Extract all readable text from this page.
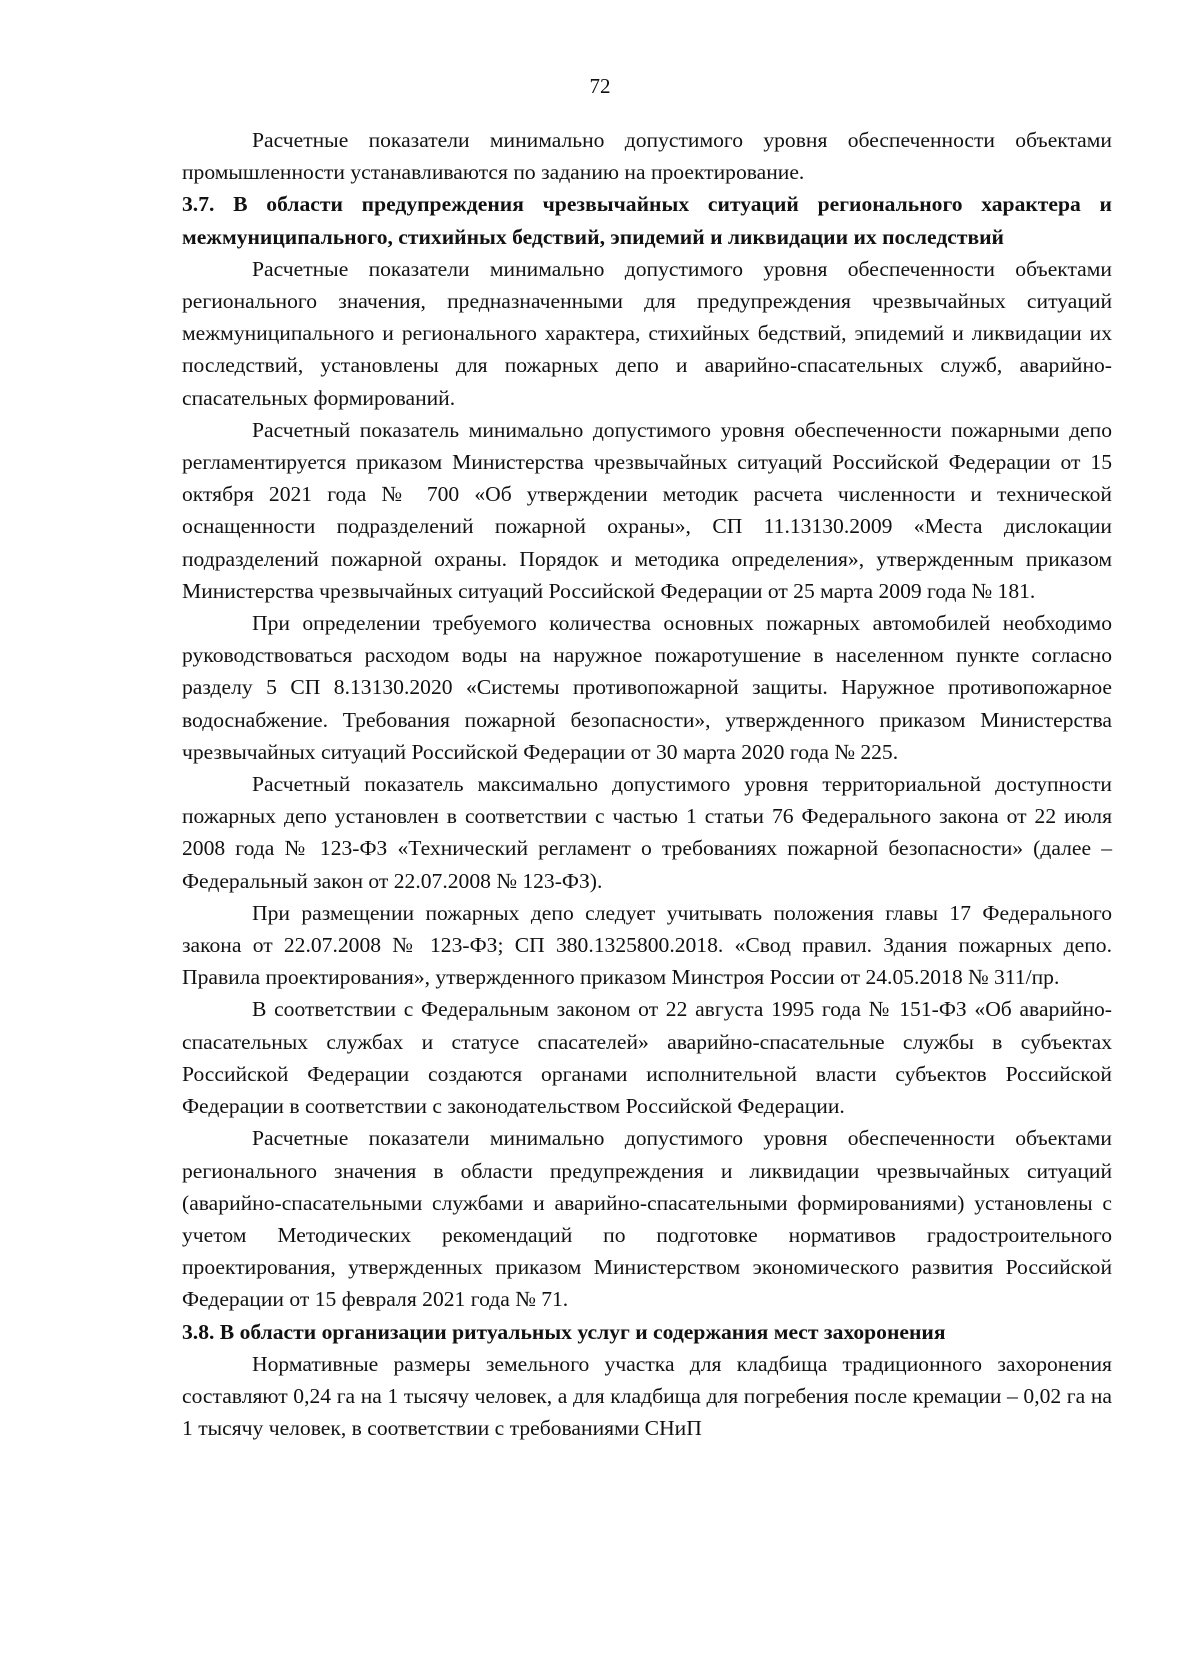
72

Расчетные показатели минимально допустимого уровня обеспеченности объектами промышленности устанавливаются по заданию на проектирование.

3.7. В области предупреждения чрезвычайных ситуаций регионального характера и межмуниципального, стихийных бедствий, эпидемий и ликвидации их последствий

Расчетные показатели минимально допустимого уровня обеспеченности объектами регионального значения, предназначенными для предупреждения чрезвычайных ситуаций межмуниципального и регионального характера, стихийных бедствий, эпидемий и ликвидации их последствий, установлены для пожарных депо и аварийно-спасательных служб, аварийно-спасательных формирований.

Расчетный показатель минимально допустимого уровня обеспеченности пожарными депо регламентируется приказом Министерства чрезвычайных ситуаций Российской Федерации от 15 октября 2021 года № 700 «Об утверждении методик расчета численности и технической оснащенности подразделений пожарной охраны», СП 11.13130.2009 «Места дислокации подразделений пожарной охраны. Порядок и методика определения», утвержденным приказом Министерства чрезвычайных ситуаций Российской Федерации от 25 марта 2009 года № 181.

При определении требуемого количества основных пожарных автомобилей необходимо руководствоваться расходом воды на наружное пожаротушение в населенном пункте согласно разделу 5 СП 8.13130.2020 «Системы противопожарной защиты. Наружное противопожарное водоснабжение. Требования пожарной безопасности», утвержденного приказом Министерства чрезвычайных ситуаций Российской Федерации от 30 марта 2020 года № 225.

Расчетный показатель максимально допустимого уровня территориальной доступности пожарных депо установлен в соответствии с частью 1 статьи 76 Федерального закона от 22 июля 2008 года № 123-ФЗ «Технический регламент о требованиях пожарной безопасности» (далее – Федеральный закон от 22.07.2008 № 123-ФЗ).

При размещении пожарных депо следует учитывать положения главы 17 Федерального закона от 22.07.2008 № 123-ФЗ; СП 380.1325800.2018. «Свод правил. Здания пожарных депо. Правила проектирования», утвержденного приказом Минстроя России от 24.05.2018 № 311/пр.

В соответствии с Федеральным законом от 22 августа 1995 года № 151-ФЗ «Об аварийно-спасательных службах и статусе спасателей» аварийно-спасательные службы в субъектах Российской Федерации создаются органами исполнительной власти субъектов Российской Федерации в соответствии с законодательством Российской Федерации.

Расчетные показатели минимально допустимого уровня обеспеченности объектами регионального значения в области предупреждения и ликвидации чрезвычайных ситуаций (аварийно-спасательными службами и аварийно-спасательными формированиями) установлены с учетом Методических рекомендаций по подготовке нормативов градостроительного проектирования, утвержденных приказом Министерством экономического развития Российской Федерации от 15 февраля 2021 года № 71.

3.8. В области организации ритуальных услуг и содержания мест захоронения

Нормативные размеры земельного участка для кладбища традиционного захоронения составляют 0,24 га на 1 тысячу человек, а для кладбища для погребения после кремации – 0,02 га на 1 тысячу человек, в соответствии с требованиями СНиП
